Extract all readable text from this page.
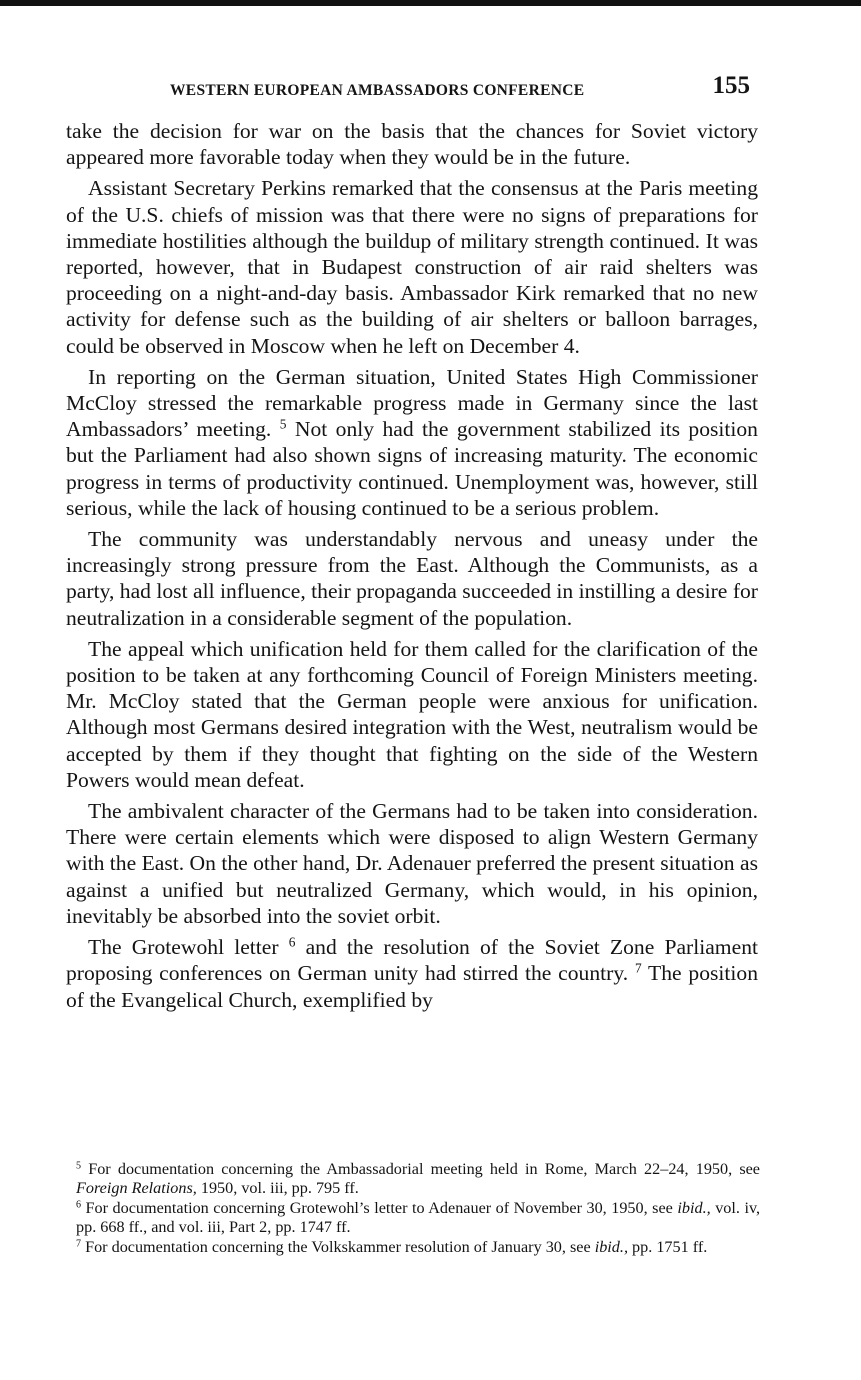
WESTERN EUROPEAN AMBASSADORS CONFERENCE	155

take the decision for war on the basis that the chances for Soviet victory appeared more favorable today when they would be in the future.

Assistant Secretary Perkins remarked that the consensus at the Paris meeting of the U.S. chiefs of mission was that there were no signs of preparations for immediate hostilities although the buildup of military strength continued. It was reported, however, that in Budapest construction of air raid shelters was proceeding on a night-and-day basis. Ambassador Kirk remarked that no new activity for defense such as the building of air shelters or balloon barrages, could be observed in Moscow when he left on December 4.

In reporting on the German situation, United States High Commissioner McCloy stressed the remarkable progress made in Germany since the last Ambassadors’ meeting. $^5$ Not only had the government stabilized its position but the Parliament had also shown signs of increasing maturity. The economic progress in terms of productivity continued. Unemployment was, however, still serious, while the lack of housing continued to be a serious problem.

The community was understandably nervous and uneasy under the increasingly strong pressure from the East. Although the Communists, as a party, had lost all influence, their propaganda succeeded in instilling a desire for neutralization in a considerable segment of the population.

The appeal which unification held for them called for the clarification of the position to be taken at any forthcoming Council of Foreign Ministers meeting. Mr. McCloy stated that the German people were anxious for unification. Although most Germans desired integration with the West, neutralism would be accepted by them if they thought that fighting on the side of the Western Powers would mean defeat.

The ambivalent character of the Germans had to be taken into consideration. There were certain elements which were disposed to align Western Germany with the East. On the other hand, Dr. Adenauer preferred the present situation as against a unified but neutralized Germany, which would, in his opinion, inevitably be absorbed into the soviet orbit.

The Grotewohl letter $^6$ and the resolution of the Soviet Zone Parliament proposing conferences on German unity had stirred the country. $^7$ The position of the Evangelical Church, exemplified by

$^5$ For documentation concerning the Ambassadorial meeting held in Rome, March 22–24, 1950, see Foreign Relations, 1950, vol. iii, pp. 795 ff.

$^6$ For documentation concerning Grotewohl’s letter to Adenauer of November 30, 1950, see ibid., vol. iv, pp. 668 ff., and vol. iii, Part 2, pp. 1747 ff.

$^7$ For documentation concerning the Volkskammer resolution of January 30, see ibid., pp. 1751 ff.
